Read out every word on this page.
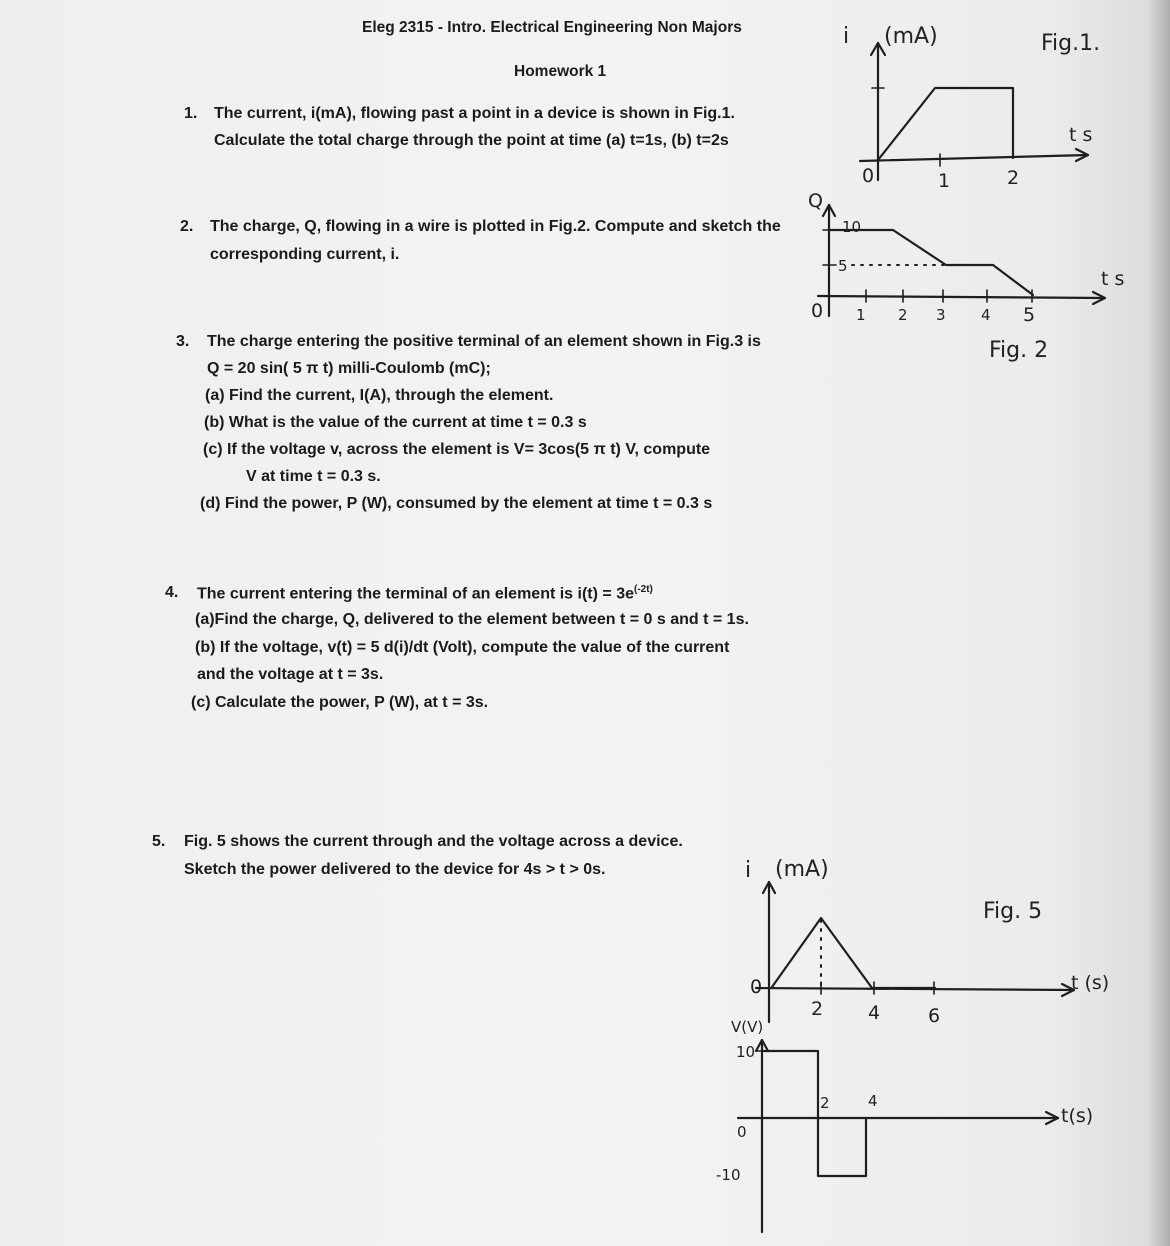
Eleg 2315 - Intro. Electrical Engineering Non Majors
Homework 1
1. The current, i(mA), flowing past a point in a device is shown in Fig.1.
Calculate the total charge through the point at time (a) t=1s, (b) t=2s
2. The charge, Q, flowing in a wire is plotted in Fig.2. Compute and sketch the
corresponding current, i.
3. The charge entering the positive terminal of an element shown in Fig.3 is
Q = 20 sin( 5 π t) milli-Coulomb (mC);
(a) Find the current, I(A), through the element.
(b) What is the value of the current at time t = 0.3 s
(c) If the voltage v, across the element is V= 3cos(5 π t) V, compute
V at time t = 0.3 s.
(d) Find the power, P (W), consumed by the element at time t = 0.3 s
4. The current entering the terminal of an element is $i(t) = 3e^{(-2t)}$
(a)Find the charge, Q, delivered to the element between t = 0 s and t = 1s.
(b) If the voltage, v(t) = 5 d(i)/dt (Volt), compute the value of the current
and the voltage at t = 3s.
(c) Calculate the power, P (W), at t = 3s.
5. Fig. 5 shows the current through and the voltage across a device.
Sketch the power delivered to the device for 4s > t > 0s.
i (mA)	Fig.1.
t s
0	1	2
Q
10
5
t s
0 1 2 3 4 5
Fig. 2
i (mA)
Fig. 5
t (s)
0
2 4	6
V(V)
10
2	4
t(s)
0
-10
